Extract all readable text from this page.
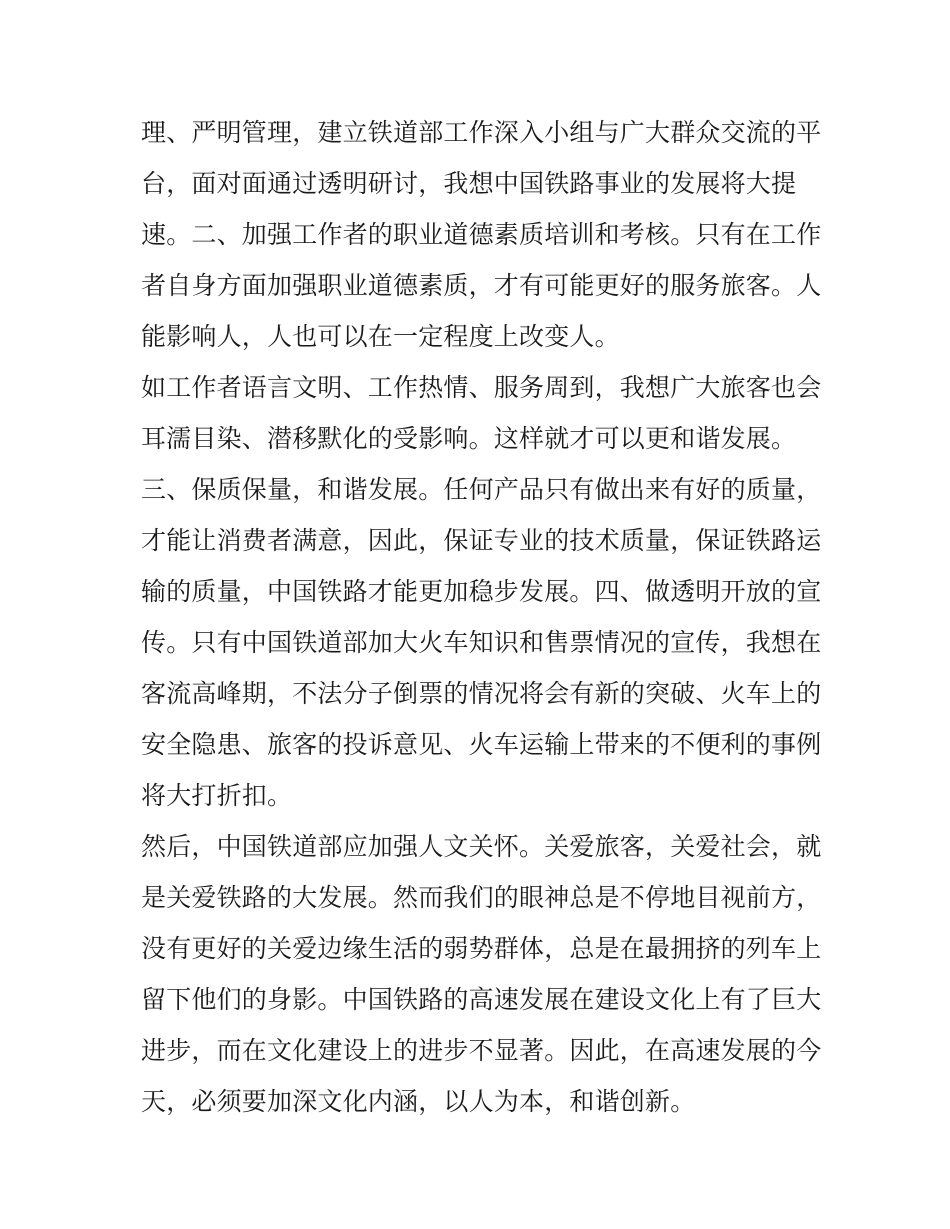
理、严明管理，建立铁道部工作深入小组与广大群众交流的平
台，面对面通过透明研讨，我想中国铁路事业的发展将大提
速。二、加强工作者的职业道德素质培训和考核。只有在工作
者自身方面加强职业道德素质，才有可能更好的服务旅客。人
能影响人，人也可以在一定程度上改变人。
如工作者语言文明、工作热情、服务周到，我想广大旅客也会
耳濡目染、潜移默化的受影响。这样就才可以更和谐发展。
三、保质保量，和谐发展。任何产品只有做出来有好的质量，
才能让消费者满意，因此，保证专业的技术质量，保证铁路运
输的质量，中国铁路才能更加稳步发展。四、做透明开放的宣
传。只有中国铁道部加大火车知识和售票情况的宣传，我想在
客流高峰期，不法分子倒票的情况将会有新的突破、火车上的
安全隐患、旅客的投诉意见、火车运输上带来的不便利的事例
将大打折扣。
然后，中国铁道部应加强人文关怀。关爱旅客，关爱社会，就
是关爱铁路的大发展。然而我们的眼神总是不停地目视前方，
没有更好的关爱边缘生活的弱势群体，总是在最拥挤的列车上
留下他们的身影。中国铁路的高速发展在建设文化上有了巨大
进步，而在文化建设上的进步不显著。因此，在高速发展的今
天，必须要加深文化内涵，以人为本，和谐创新。
